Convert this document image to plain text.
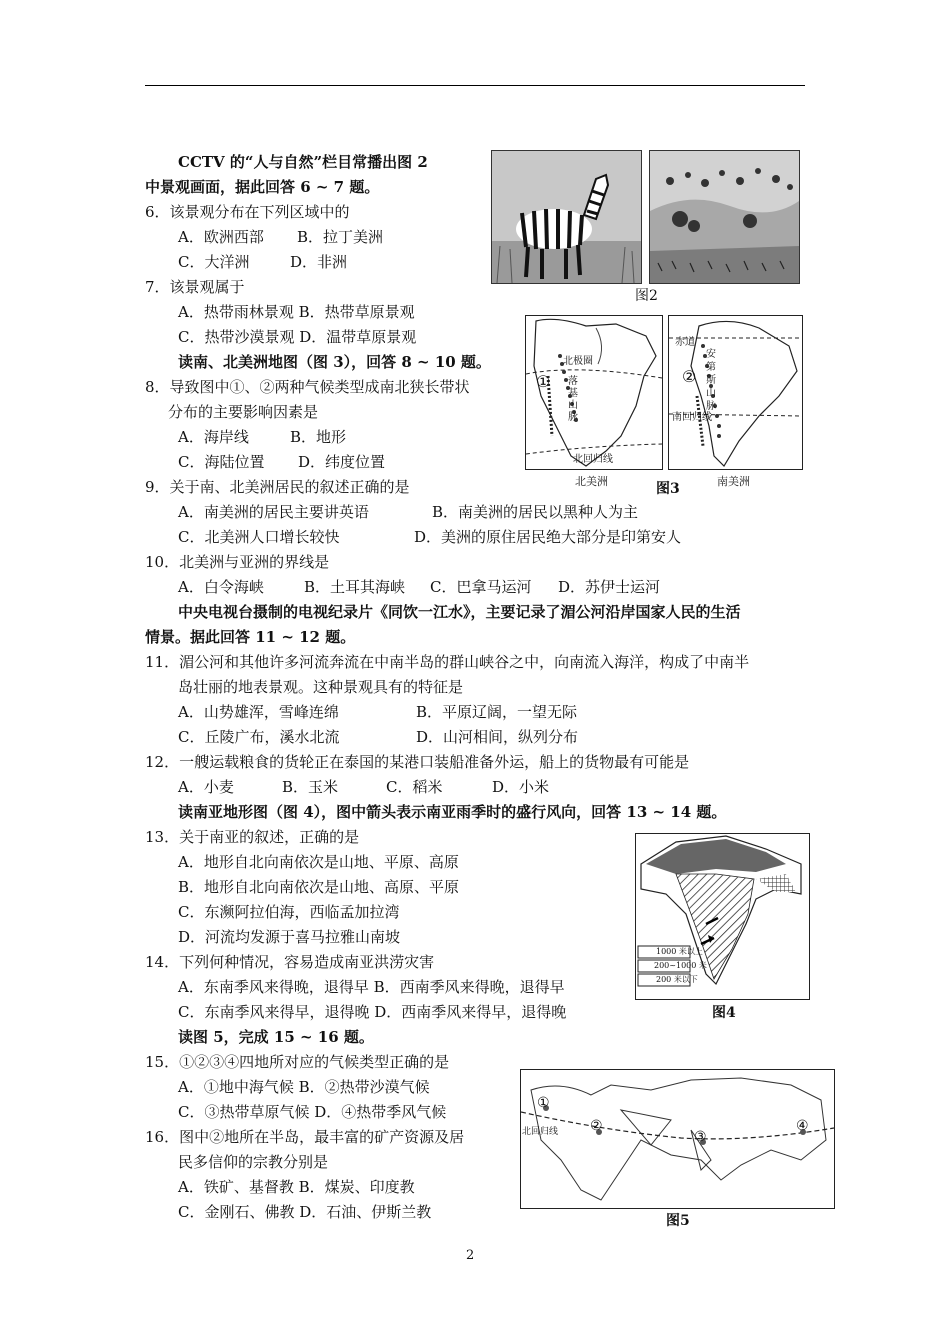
CCTV 的“人与自然”栏目常播出图 2
中景观画面，据此回答 6 ~ 7 题。
6．该景观分布在下列区域中的
A．欧洲西部 B．拉丁美洲
C．大洋洲	D．非洲
7．该景观属于
A．热带雨林景观 B．热带草原景观
C．热带沙漠景观 D．温带草原景观
读南、北美洲地图（图 3），回答 8 ~ 10 题。
8．导致图中①、②两种气候类型成南北狭长带状
分布的主要影响因素是
A．海岸线	B．地形
C．海陆位置 D．纬度位置
9．关于南、北美洲居民的叙述正确的是
A．南美洲的居民主要讲英语	B．南美洲的居民以黑种人为主
C．北美洲人口增长较快	D．美洲的原住居民绝大部分是印第安人
10．北美洲与亚洲的界线是
A．白令海峡	B．土耳其海峡 C．巴拿马运河 D．苏伊士运河
中央电视台摄制的电视纪录片《同饮一江水》，主要记录了湄公河沿岸国家人民的生活
情景。据此回答 11 ~ 12 题。
11．湄公河和其他许多河流奔流在中南半岛的群山峡谷之中，向南流入海洋，构成了中南半
岛壮丽的地表景观。这种景观具有的特征是
A．山势雄浑，雪峰连绵	B．平原辽阔，一望无际
C．丘陵广布，溪水北流	D．山河相间，纵列分布
12．一艘运载粮食的货轮正在泰国的某港口装船准备外运，船上的货物最有可能是
A．小麦	B．玉米	C．稻米	D．小米
读南亚地形图（图 4），图中箭头表示南亚雨季时的盛行风向，回答 13 ~ 14 题。
13．关于南亚的叙述，正确的是
A．地形自北向南依次是山地、平原、高原
B．地形自北向南依次是山地、高原、平原
C．东濒阿拉伯海，西临孟加拉湾
D．河流均发源于喜马拉雅山南坡
14．下列何种情况，容易造成南亚洪涝灾害
A．东南季风来得晚，退得早 B．西南季风来得晚，退得早
C．东南季风来得早，退得晚 D．西南季风来得早，退得晚
读图 5，完成 15 ~ 16 题。
15．①②③④四地所对应的气候类型正确的是
A．①地中海气候 B．②热带沙漠气候
C．③热带草原气候 D．④热带季风气候
16．图中②地所在半岛，最丰富的矿产资源及居
民多信仰的宗教分别是
A．铁矿、基督教 B．煤炭、印度教
C．金刚石、佛教 D．石油、伊斯兰教
图2
①
北极圈
落基山脉
北回归线
北美洲
赤道
②
安第斯山脉
南回归线
南美洲
图3
1000 米以上
200~1000 米
200 米以下
图4
①
②
③
④
北回归线
图5
2
